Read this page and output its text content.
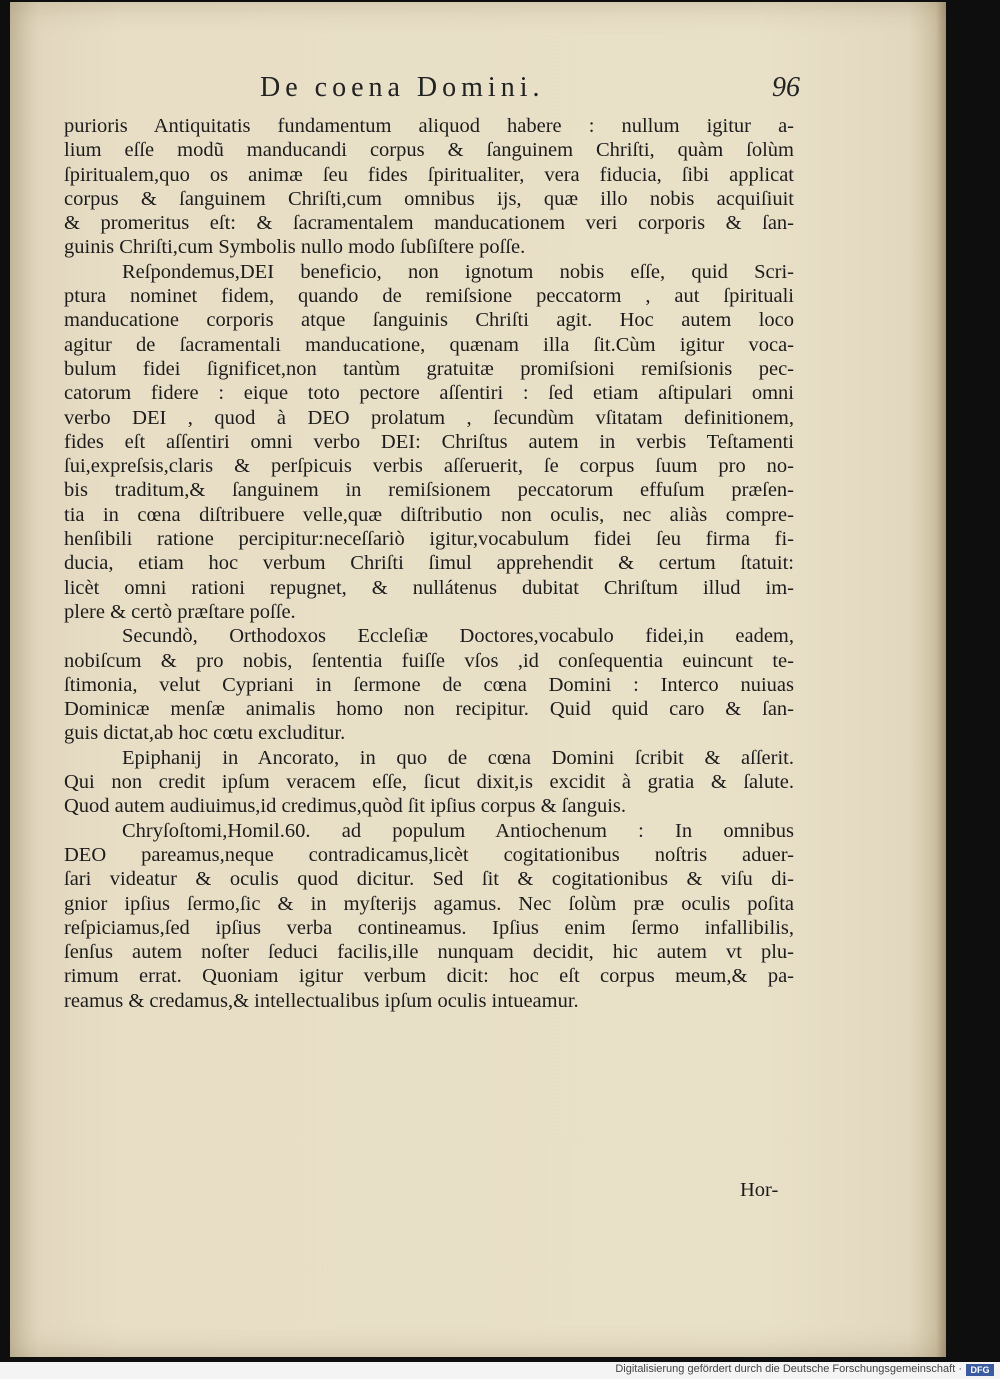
De coena Domini.	96
purioris Antiquitatis fundamentum aliquod habere : nullum igitur a-
lium eſſe modũ manducandi corpus & ſanguinem Chriſti, quàm ſolùm
ſpiritualem,quo os animæ ſeu fides ſpiritualiter, vera fiducia, ſibi applicat
corpus & ſanguinem Chriſti,cum omnibus ijs, quæ illo nobis acquiſiuit
& promeritus eſt: & ſacramentalem manducationem veri corporis & ſan-
guinis Chriſti,cum Symbolis nullo modo ſubſiſtere poſſe.
Reſpondemus,DEI beneficio, non ignotum nobis eſſe, quid Scri-
ptura nominet fidem, quando de remiſsione peccatorm , aut ſpirituali
manducatione corporis atque ſanguinis Chriſti agit. Hoc autem loco
agitur de ſacramentali manducatione, quænam illa ſit.Cùm igitur voca-
bulum fidei ſignificet,non tantùm gratuitæ promiſsioni remiſsionis pec-
catorum fidere : eique toto pectore aſſentiri : ſed etiam aſtipulari omni
verbo DEI , quod à DEO prolatum , ſecundùm vſitatam definitionem,
fides eſt aſſentiri omni verbo DEI: Chriſtus autem in verbis Teſtamenti
ſui,expreſsis,claris & perſpicuis verbis aſſeruerit, ſe corpus ſuum pro no-
bis traditum,& ſanguinem in remiſsionem peccatorum effuſum præſen-
tia in cœna diſtribuere velle,quæ diſtributio non oculis, nec aliàs compre-
henſibili ratione percipitur:neceſſariò igitur,vocabulum fidei ſeu firma fi-
ducia, etiam hoc verbum Chriſti ſimul apprehendit & certum ſtatuit:
licèt omni rationi repugnet, & nullátenus dubitat Chriſtum illud im-
plere & certò præſtare poſſe.
Secundò, Orthodoxos Eccleſiæ Doctores,vocabulo fidei,in eadem,
nobiſcum & pro nobis, ſententia fuiſſe vſos ,id conſequentia euincunt te-
ſtimonia, velut Cypriani in ſermone de cœna Domini : Interco nuiuas
Dominicæ menſæ animalis homo non recipitur. Quid quid caro & ſan-
guis dictat,ab hoc cœtu excluditur.
Epiphanij in Ancorato, in quo de cœna Domini ſcribit & aſſerit.
Qui non credit ipſum veracem eſſe, ſicut dixit,is excidit à gratia & ſalute.
Quod autem audiuimus,id credimus,quòd ſit ipſius corpus & ſanguis.
Chryſoſtomi,Homil.60. ad populum Antiochenum : In omnibus
DEO pareamus,neque contradicamus,licèt cogitationibus noſtris aduer-
ſari videatur & oculis quod dicitur. Sed ſit & cogitationibus & viſu di-
gnior ipſius ſermo,ſic & in myſterijs agamus. Nec ſolùm præ oculis poſita
reſpiciamus,ſed ipſius verba contineamus. Ipſius enim ſermo infallibilis,
ſenſus autem noſter ſeduci facilis,ille nunquam decidit, hic autem vt plu-
rimum errat. Quoniam igitur verbum dicit: hoc eſt corpus meum,& pa-
reamus & credamus,& intellectualibus ipſum oculis intueamur.
Hor-
Digitalisierung gefördert durch die Deutsche Forschungsgemeinschaft · DFG
